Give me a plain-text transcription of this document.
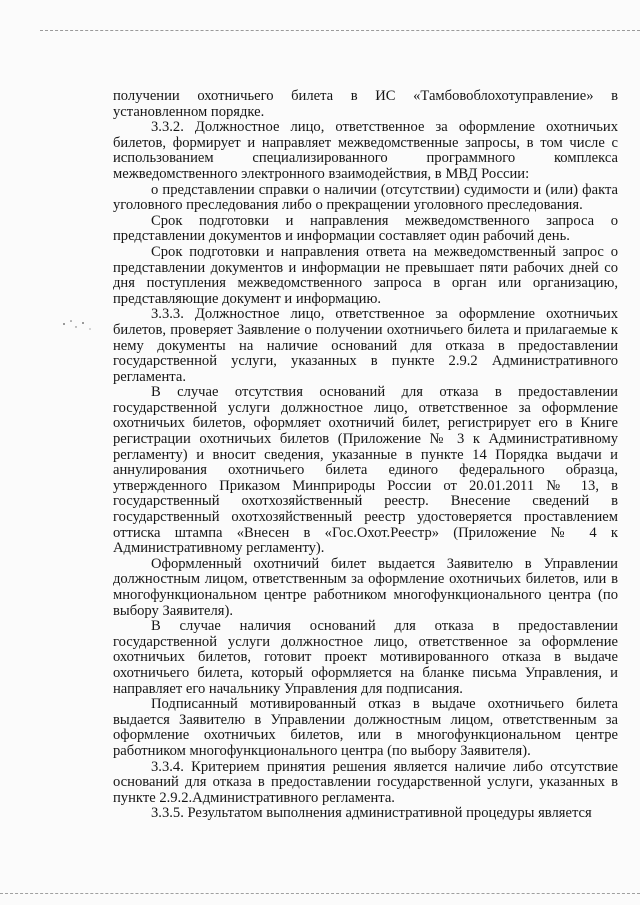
получении охотничьего билета в ИС «Тамбовоблохотуправление» в установленном порядке.

3.3.2. Должностное лицо, ответственное за оформление охотничьих билетов, формирует и направляет межведомственные запросы, в том числе с использованием специализированного программного комплекса межведомственного электронного взаимодействия, в МВД России:

о представлении справки о наличии (отсутствии) судимости и (или) факта уголовного преследования либо о прекращении уголовного преследования.

Срок подготовки и направления межведомственного запроса о представлении документов и информации составляет один рабочий день.

Срок подготовки и направления ответа на межведомственный запрос о представлении документов и информации не превышает пяти рабочих дней со дня поступления межведомственного запроса в орган или организацию, представляющие документ и информацию.

3.3.3. Должностное лицо, ответственное за оформление охотничьих билетов, проверяет Заявление о получении охотничьего билета и прилагаемые к нему документы на наличие оснований для отказа в предоставлении государственной услуги, указанных в пункте 2.9.2 Административного регламента.

В случае отсутствия оснований для отказа в предоставлении государственной услуги должностное лицо, ответственное за оформление охотничьих билетов, оформляет охотничий билет, регистрирует его в Книге регистрации охотничьих билетов (Приложение № 3 к Административному регламенту) и вносит сведения, указанные в пункте 14 Порядка выдачи и аннулирования охотничьего билета единого федерального образца, утвержденного Приказом Минприроды России от 20.01.2011 № 13, в государственный охотхозяйственный реестр. Внесение сведений в государственный охотхозяйственный реестр удостоверяется проставлением оттиска штампа «Внесен в «Гос.Охот.Реестр» (Приложение № 4 к Административному регламенту).

Оформленный охотничий билет выдается Заявителю в Управлении должностным лицом, ответственным за оформление охотничьих билетов, или в многофункциональном центре работником многофункционального центра (по выбору Заявителя).

В случае наличия оснований для отказа в предоставлении государственной услуги должностное лицо, ответственное за оформление охотничьих билетов, готовит проект мотивированного отказа в выдаче охотничьего билета, который оформляется на бланке письма Управления, и направляет его начальнику Управления для подписания.

Подписанный мотивированный отказ в выдаче охотничьего билета выдается Заявителю в Управлении должностным лицом, ответственным за оформление охотничьих билетов, или в многофункциональном центре работником многофункционального центра (по выбору Заявителя).

3.3.4. Критерием принятия решения является наличие либо отсутствие оснований для отказа в предоставлении государственной услуги, указанных в пункте 2.9.2.Административного регламента.

3.3.5. Результатом выполнения административной процедуры является
